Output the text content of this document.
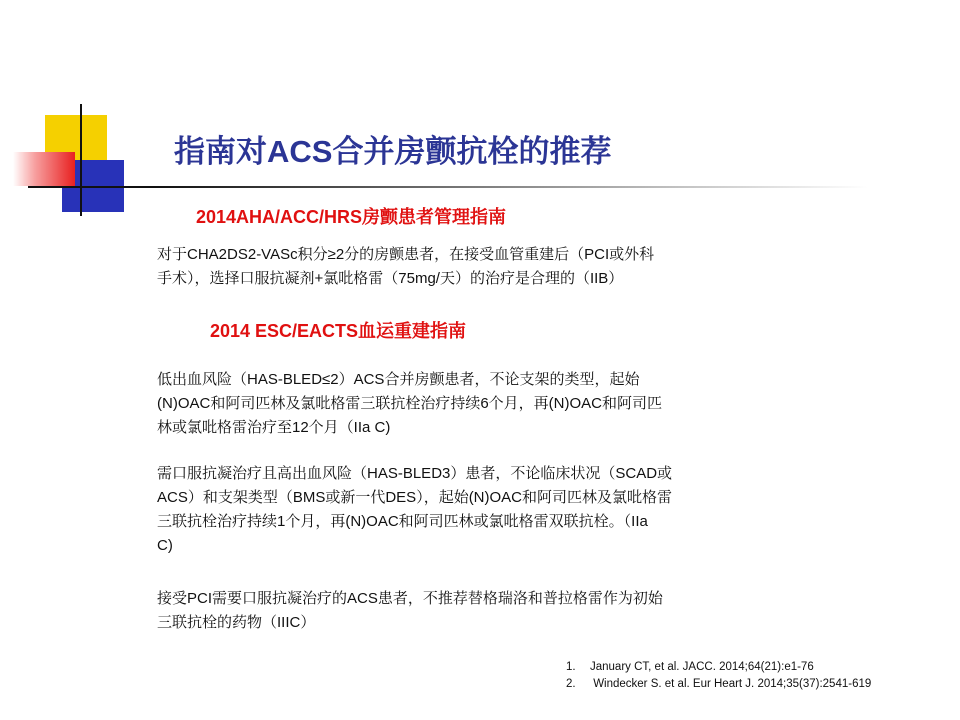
指南对ACS合并房颤抗栓的推荐
2014AHA/ACC/HRS房颤患者管理指南

对于CHA2DS2-VASc积分≥2分的房颤患者，在接受血管重建后（PCI或外科
手术），选择口服抗凝剂+氯吡格雷（75mg/天）的治疗是合理的（IIB）

2014 ESC/EACTS血运重建指南

低出血风险（HAS-BLED≤2）ACS合并房颤患者，不论支架的类型，起始
(N)OAC和阿司匹林及氯吡格雷三联抗栓治疗持续6个月，再(N)OAC和阿司匹
林或氯吡格雷治疗至12个月（IIa C)

需口服抗凝治疗且高出血风险（HAS-BLED3）患者，不论临床状况（SCAD或
ACS）和支架类型（BMS或新一代DES），起始(N)OAC和阿司匹林及氯吡格雷
三联抗栓治疗持续1个月，再(N)OAC和阿司匹林或氯吡格雷双联抗栓。（IIa
C)

接受PCI需要口服抗凝治疗的ACS患者，不推荐替格瑞洛和普拉格雷作为初始
三联抗栓的药物（IIIC）

1. January CT, et al. JACC. 2014;64(21):e1-76
2. Windecker S. et al. Eur Heart J. 2014;35(37):2541-619
